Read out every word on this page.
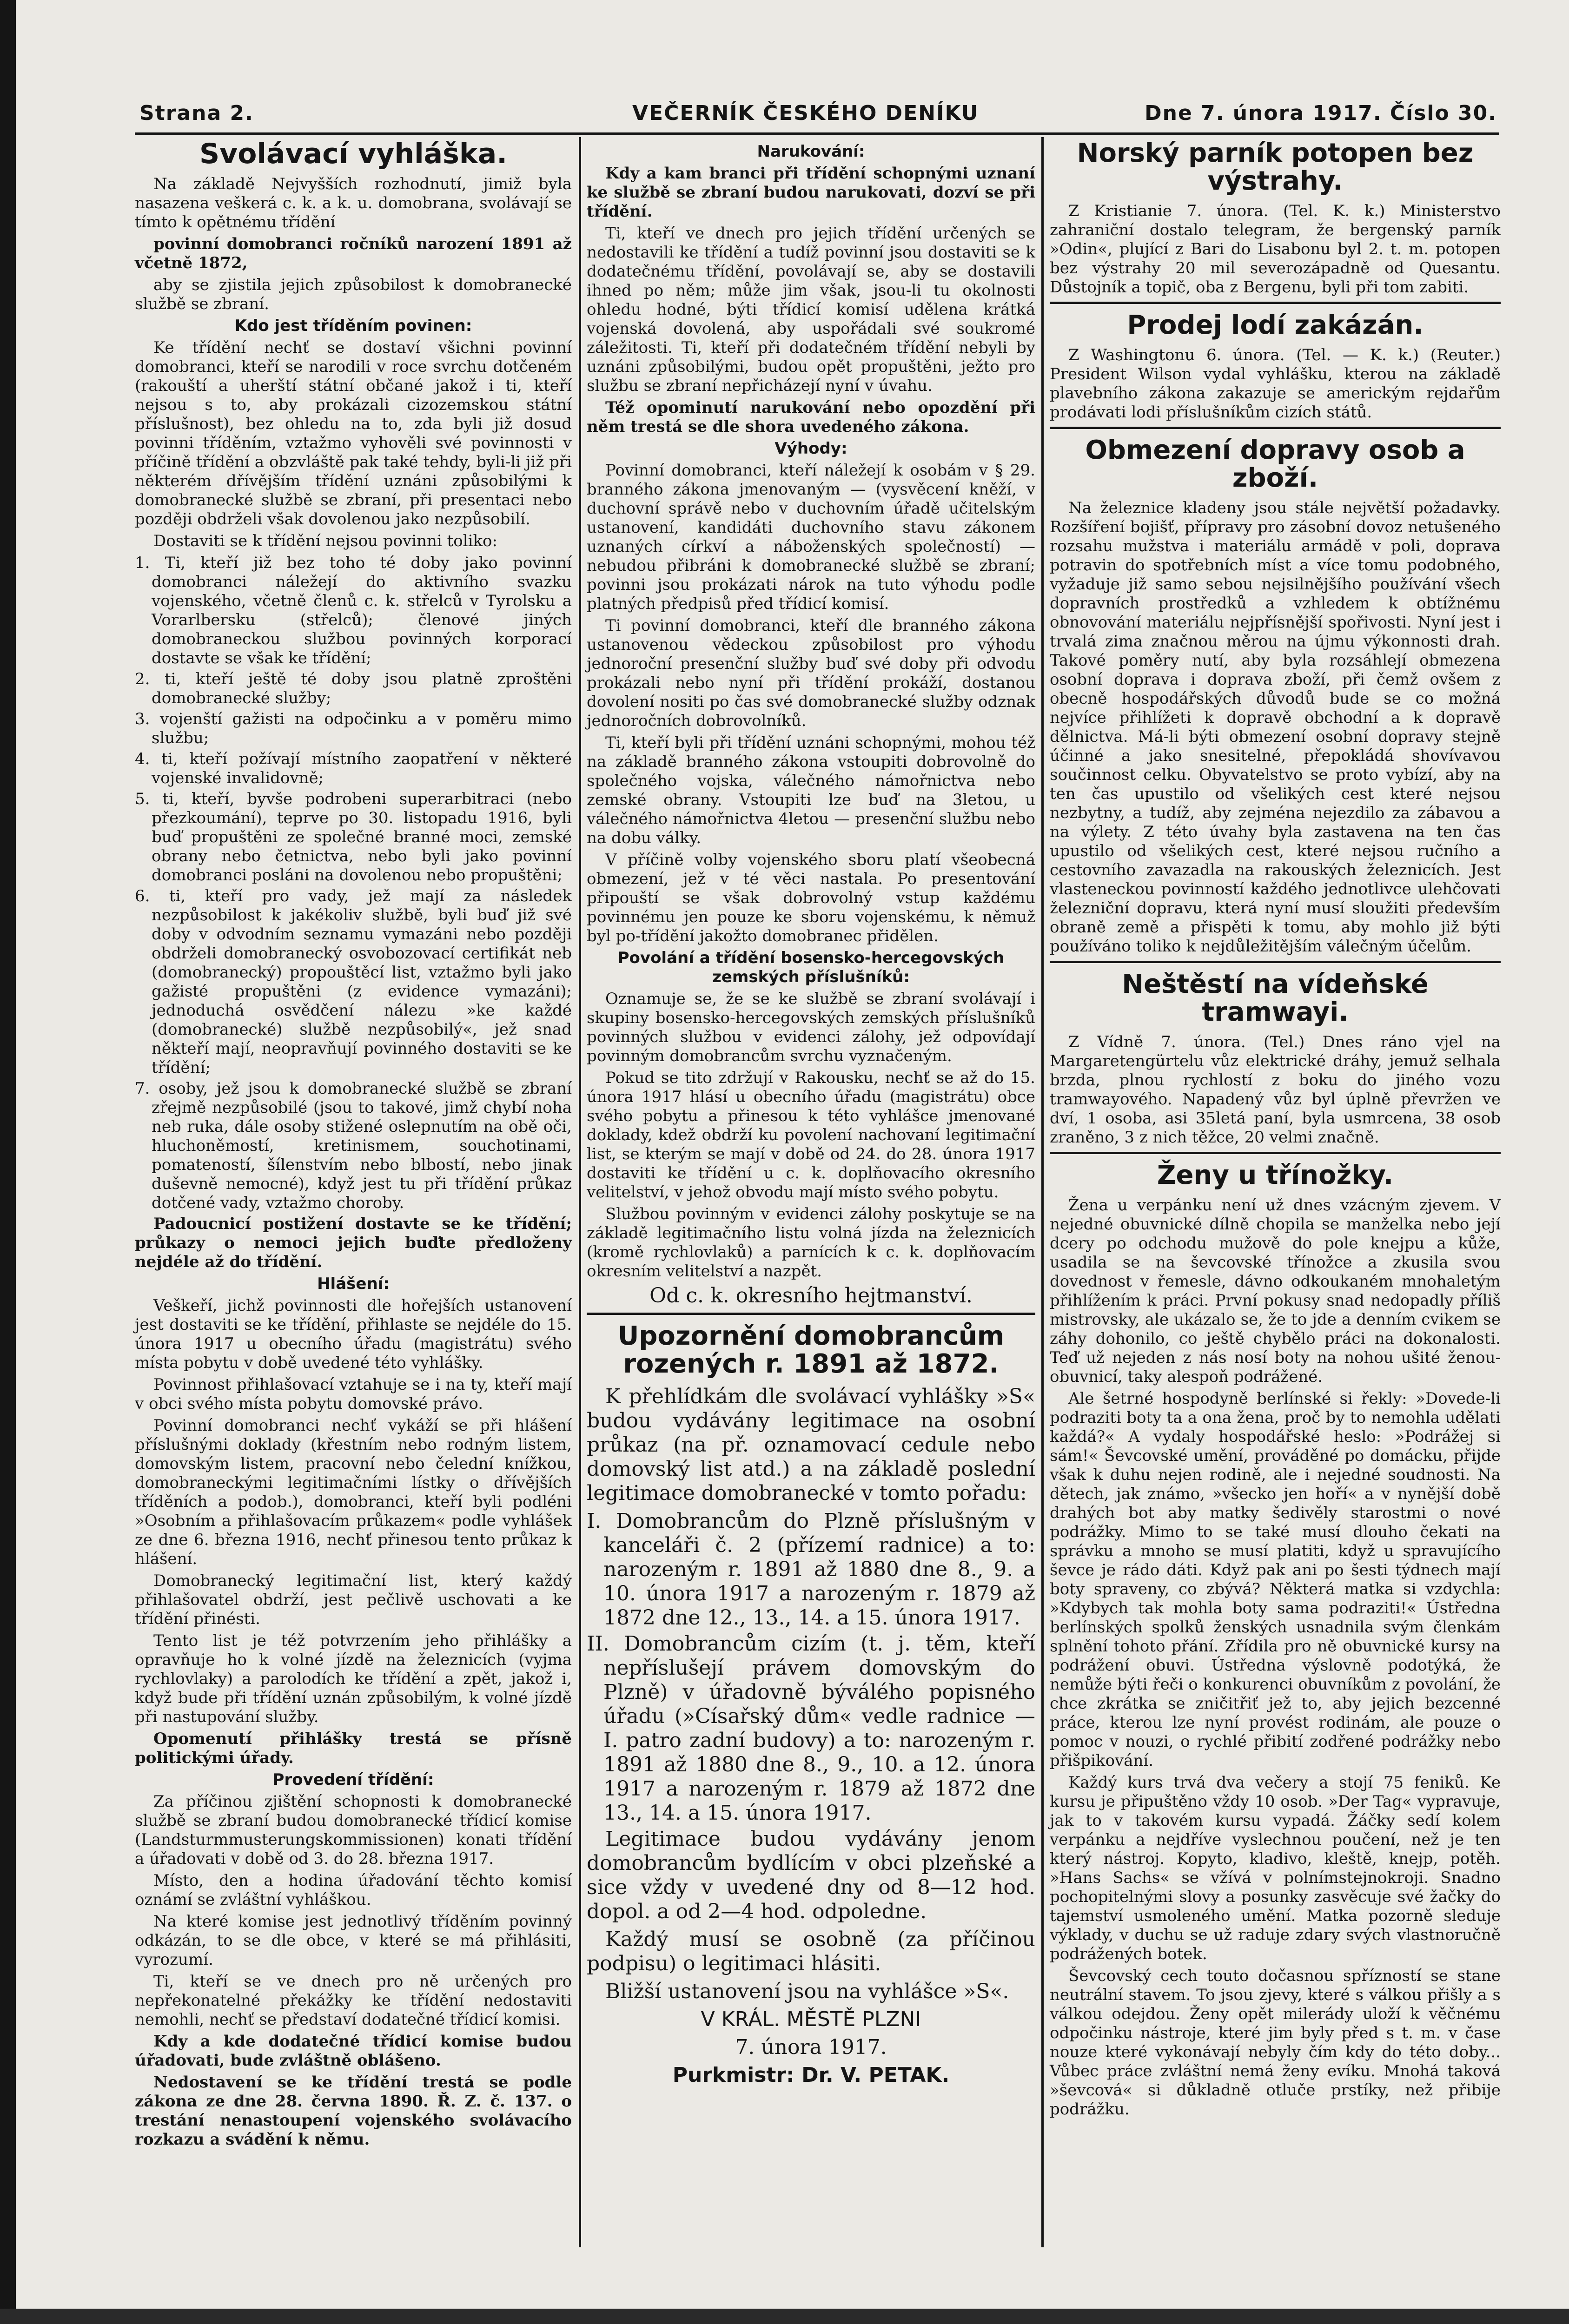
Strana 2.	VEČERNÍK ČESKÉHO DENÍKU	Dne 7. února 1917. Číslo 30.
Svolávací vyhláška.

Na základě Nejvyšších rozhodnutí, jimiž byla nasazena veškerá c. k. a k. u. domobrana, svolávají se tímto k opětnému třídění

povinní domobranci ročníků narození 1891 až včetně 1872,

aby se zjistila jejich způsobilost k domobranecké službě se zbraní.

Kdo jest tříděním povinen:

Ke třídění nechť se dostaví všichni povinní domobranci, kteří se narodili v roce svrchu dotčeném (rakouští a uherští státní občané jakož i ti, kteří nejsou s to, aby prokázali cizozemskou státní příslušnost), bez ohledu na to, zda byli již dosud povinni tříděním, vztažmo vyhověli své povinnosti v příčině třídění a obzvláště pak také tehdy, byli-li již při některém dřívějším třídění uznáni způsobilými k domobranecké službě se zbraní, při presentaci nebo později obdrželi však dovolenou jako nezpůsobilí.

Dostaviti se k třídění nejsou povinni toliko:

1. Ti, kteří již bez toho té doby jako povinní domobranci náležejí do aktivního svazku vojenského, včetně členů c. k. střelců v Tyrolsku a Vorarlbersku (střelců); členové jiných domobraneckou službou povinných korporací dostavte se však ke třídění;

2. ti, kteří ještě té doby jsou platně zproštěni domobranecké služby;

3. vojenští gažisti na odpočinku a v poměru mimo službu;

4. ti, kteří požívají místního zaopatření v některé vojenské invalidovně;

5. ti, kteří, byvše podrobeni superarbitraci (nebo přezkoumání), teprve po 30. listopadu 1916, byli buď propuštěni ze společné branné moci, zemské obrany nebo četnictva, nebo byli jako povinní domobranci posláni na dovolenou nebo propuštěni;

6. ti, kteří pro vady, jež mají za následek nezpůsobilost k jakékoliv službě, byli buď již své doby v odvodním seznamu vymazáni nebo později obdrželi domobranecký osvobozovací certifikát neb (domobranecký) propouštěcí list, vztažmo byli jako gažisté propuštěni (z evidence vymazáni); jednoduchá osvědčení nálezu »ke každé (domobranecké) službě nezpůsobilý«, jež snad někteří mají, neopravňují povinného dostaviti se ke třídění;

7. osoby, jež jsou k domobranecké službě se zbraní zřejmě nezpůsobilé (jsou to takové, jimž chybí noha neb ruka, dále osoby stižené oslepnutím na obě oči, hluchoněmostí, kretinismem, souchotinami, pomateností, šílenstvím nebo blbostí, nebo jinak duševně nemocné), když jest tu při třídění průkaz dotčené vady, vztažmo choroby.

Padoucnicí postižení dostavte se ke třídění; průkazy o nemoci jejich buďte předloženy nejdéle až do třídění.

Hlášení:

Veškeří, jichž povinnosti dle hořejších ustanovení jest dostaviti se ke třídění, přihlaste se nejdéle do 15. února 1917 u obecního úřadu (magistrátu) svého místa pobytu v době uvedené této vyhlášky.

Povinnost přihlašovací vztahuje se i na ty, kteří mají v obci svého místa pobytu domovské právo.

Povinní domobranci nechť vykáží se při hlášení příslušnými doklady (křestním nebo rodným listem, domovským listem, pracovní nebo čelední knížkou, domobraneckými legitimačními lístky o dřívějších tříděních a podob.), domobranci, kteří byli podléni »Osobním a přihlašovacím průkazem« podle vyhlášek ze dne 6. března 1916, nechť přinesou tento průkaz k hlášení.

Domobranecký legitimační list, který každý přihlašovatel obdrží, jest pečlivě uschovati a ke třídění přinésti.

Tento list je též potvrzením jeho přihlášky a opravňuje ho k volné jízdě na železnicích (vyjma rychlovlaky) a parolodích ke třídění a zpět, jakož i, když bude při třídění uznán způsobilým, k volné jízdě při nastupování služby.

Opomenutí přihlášky trestá se přísně politickými úřady.

Provedení třídění:

Za příčinou zjištění schopnosti k domobranecké službě se zbraní budou domobranecké třídicí komise (Landsturmmusterungskommissionen) konati třídění a úřadovati v době od 3. do 28. března 1917.

Místo, den a hodina úřadování těchto komisí oznámí se zvláštní vyhláškou.

Na které komise jest jednotlivý tříděním povinný odkázán, to se dle obce, v které se má přihlásiti, vyrozumí.

Ti, kteří se ve dnech pro ně určených pro nepřekonatelné překážky ke třídění nedostaviti nemohli, nechť se představí dodatečné třídicí komisi.

Kdy a kde dodatečné třídicí komise budou úřadovati, bude zvláštně oblášeno.

Nedostavení se ke třídění trestá se podle zákona ze dne 28. června 1890. Ř. Z. č. 137. o trestání nenastoupení vojenského svolávacího rozkazu a svádění k němu.

Narukování:

Kdy a kam branci při třídění schopnými uznaní ke službě se zbraní budou narukovati, dozví se při třídění.

Ti, kteří ve dnech pro jejich třídění určených se nedostavili ke třídění a tudíž povinní jsou dostaviti se k dodatečnému třídění, povolávají se, aby se dostavili ihned po něm; může jim však, jsou-li tu okolnosti ohledu hodné, býti třídicí komisí udělena krátká vojenská dovolená, aby uspořádali své soukromé záležitosti. Ti, kteří při dodatečném třídění nebyli by uznáni způsobilými, budou opět propuštěni, ježto pro službu se zbraní nepřicházejí nyní v úvahu.

Též opominutí narukování nebo opozdění při něm trestá se dle shora uvedeného zákona.

Výhody:

Povinní domobranci, kteří náležejí k osobám v § 29. branného zákona jmenovaným — (vysvěcení kněží, v duchovní správě nebo v duchovním úřadě učitelským ustanovení, kandidáti duchovního stavu zákonem uznaných církví a náboženských společností) — nebudou přibráni k domobranecké službě se zbraní; povinni jsou prokázati nárok na tuto výhodu podle platných předpisů před třídicí komisí.

Ti povinní domobranci, kteří dle branného zákona ustanovenou vědeckou způsobilost pro výhodu jednoroční presenční služby buď své doby při odvodu prokázali nebo nyní při třídění prokáží, dostanou dovolení nositi po čas své domobranecké služby odznak jednoročních dobrovolníků.

Ti, kteří byli při třídění uznáni schopnými, mohou též na základě branného zákona vstoupiti dobrovolně do společného vojska, válečného námořnictva nebo zemské obrany. Vstoupiti lze buď na 3letou, u válečného námořnictva 4letou — presenční službu nebo na dobu války.

V příčině volby vojenského sboru platí všeobecná obmezení, jež v té věci nastala. Po presentování připouští se však dobrovolný vstup každému povinnému jen pouze ke sboru vojenskému, k němuž byl po-třídění jakožto domobranec přidělen.

Povolání a třídění bosensko-hercegovských zemských příslušníků:

Oznamuje se, že se ke službě se zbraní svolávají i skupiny bosensko-hercegovských zemských příslušníků povinných službou v evidenci zálohy, jež odpovídají povinným domobrancům svrchu vyznačeným.

Pokud se tito zdržují v Rakousku, nechť se až do 15. února 1917 hlásí u obecního úřadu (magistrátu) obce svého pobytu a přinesou k této vyhlášce jmenované doklady, kdež obdrží ku povolení nachovaní legitimační list, se kterým se mají v době od 24. do 28. února 1917 dostaviti ke třídění u c. k. doplňovacího okresního velitelství, v jehož obvodu mají místo svého pobytu.

Službou povinným v evidenci zálohy poskytuje se na základě legitimačního listu volná jízda na železnicích (kromě rychlovlaků) a parnících k c. k. doplňovacím okresním velitelství a nazpět.

Od c. k. okresního hejtmanství.

Upozornění domobrancům rozených r. 1891 až 1872.

K přehlídkám dle svolávací vyhlášky »S« budou vydávány legitimace na osobní průkaz (na př. oznamovací cedule nebo domovský list atd.) a na základě poslední legitimace domobranecké v tomto pořadu:

I. Domobrancům do Plzně příslušným v kanceláři č. 2 (přízemí radnice) a to: narozeným r. 1891 až 1880 dne 8., 9. a 10. února 1917 a narozeným r. 1879 až 1872 dne 12., 13., 14. a 15. února 1917.

II. Domobrancům cizím (t. j. těm, kteří nepříslušejí právem domovským do Plzně) v úřadovně býválého popisného úřadu (»Císařský dům« vedle radnice — I. patro zadní budovy) a to: narozeným r. 1891 až 1880 dne 8., 9., 10. a 12. února 1917 a narozeným r. 1879 až 1872 dne 13., 14. a 15. února 1917.

Legitimace budou vydávány jenom domobrancům bydlícím v obci plzeňské a sice vždy v uvedené dny od 8—12 hod. dopol. a od 2—4 hod. odpoledne.

Každý musí se osobně (za příčinou podpisu) o legitimaci hlásiti.

Bližší ustanovení jsou na vyhlášce »S«.

V KRÁL. MĚSTĚ PLZNI

7. února 1917.

Purkmistr: Dr. V. PETAK.

Norský parník potopen bez výstrahy.

Z Kristianie 7. února. (Tel. K. k.) Ministerstvo zahraniční dostalo telegram, že bergenský parník »Odin«, plující z Bari do Lisabonu byl 2. t. m. potopen bez výstrahy 20 mil severozápadně od Quesantu. Důstojník a topič, oba z Bergenu, byli při tom zabiti.

Prodej lodí zakázán.

Z Washingtonu 6. února. (Tel. — K. k.) (Reuter.) President Wilson vydal vyhlášku, kterou na základě plavebního zákona zakazuje se americkým rejdařům prodávati lodi příslušníkům cizích států.

Obmezení dopravy osob a zboží.

Na železnice kladeny jsou stále největší požadavky. Rozšíření bojišť, přípravy pro zásobní dovoz netušeného rozsahu mužstva i materiálu armádě v poli, doprava potravin do spotřebních míst a více tomu podobného, vyžaduje již samo sebou nejsilnějšího používání všech dopravních prostředků a vzhledem k obtížnému obnovování materiálu nejpřísnější spořivosti. Nyní jest i trvalá zima značnou měrou na újmu výkonnosti drah. Takové poměry nutí, aby byla rozsáhlejí obmezena osobní doprava i doprava zboží, při čemž ovšem z obecně hospodářských důvodů bude se co možná nejvíce přihlížeti k dopravě obchodní a k dopravě dělnictva. Má-li býti obmezení osobní dopravy stejně účinné a jako snesitelné, přepokládá shovívavou součinnost celku. Obyvatelstvo se proto vybízí, aby na ten čas upustilo od všelikých cest které nejsou nezbytny, a tudíž, aby zejména nejezdilo za zábavou a na výlety. Z této úvahy byla zastavena na ten čas upustilo od všelikých cest, které nejsou ručního a cestovního zavazadla na rakouských železnicích. Jest vlasteneckou povinností každého jednotlivce ulehčovati železniční dopravu, která nyní musí sloužiti především obraně země a přispěti k tomu, aby mohlo již býti používáno toliko k nejdůležitějším válečným účelům.

Neštěstí na vídeňské tramwayi.

Z Vídně 7. února. (Tel.) Dnes ráno vjel na Margaretengürtelu vůz elektrické dráhy, jemuž selhala brzda, plnou rychlostí z boku do jiného vozu tramwayového. Napadený vůz byl úplně převržen ve dví, 1 osoba, asi 35letá paní, byla usmrcena, 38 osob zraněno, 3 z nich těžce, 20 velmi značně.

Ženy u třínožky.

Žena u verpánku není už dnes vzácným zjevem. V nejedné obuvnické dílně chopila se manželka nebo její dcery po odchodu mužově do pole knejpu a kůže, usadila se na ševcovské třínožce a zkusila svou dovednost v řemesle, dávno odkoukaném mnohaletým přihlížením k práci. První pokusy snad nedopadly příliš mistrovsky, ale ukázalo se, že to jde a denním cvikem se záhy dohonilo, co ještě chybělo práci na dokonalosti. Teď už nejeden z nás nosí boty na nohou ušité ženou-obuvnicí, taky alespoň podrážené.

Ale šetrné hospodyně berlínské si řekly: »Dovede-li podraziti boty ta a ona žena, proč by to nemohla udělati každá?« A vydaly hospodářské heslo: »Podrážej si sám!« Ševcovské umění, prováděné po domácku, přijde však k duhu nejen rodině, ale i nejedné soudnosti. Na dětech, jak známo, »všecko jen hoří« a v nynější době drahých bot aby matky šedivěly starostmi o nové podrážky. Mimo to se také musí dlouho čekati na správku a mnoho se musí platiti, když u spravujícího ševce je rádo dáti. Když pak ani po šesti týdnech mají boty spraveny, co zbývá? Některá matka si vzdychla: »Kdybych tak mohla boty sama podraziti!« Ústředna berlínských spolků ženských usnadnila svým členkám splnění tohoto přání. Zřídila pro ně obuvnické kursy na podrážení obuvi. Ústředna výslovně podotýká, že nemůže býti řeči o konkurenci obuvníkům z povolání, že chce zkrátka se zničitřiť jež to, aby jejich bezcenné práce, kterou lze nyní provést rodinám, ale pouze o pomoc v nouzi, o rychlé přibití zodřené podrážky nebo přišpikování.

Každý kurs trvá dva večery a stojí 75 feniků. Ke kursu je připuštěno vždy 10 osob. »Der Tag« vypravuje, jak to v takovém kursu vypadá. Žáčky sedí kolem verpánku a nejdříve vyslechnou poučení, než je ten který nástroj. Kopyto, kladivo, kleště, knejp, potěh. »Hans Sachs« se vžívá v polnímstejnokroji. Snadno pochopitelnými slovy a posunky zasvěcuje své žačky do tajemství usmoleného umění. Matka pozorně sleduje výklady, v duchu se už raduje zdary svých vlastnoručně podrážených botek.

Ševcovský cech touto dočasnou spřízností se stane neutrální stavem. To jsou zjevy, které s válkou přišly a s válkou odejdou. Ženy opět milerády uloží k věčnému odpočinku nástroje, které jim byly před s t. m. v čase nouze které vykonávají nebyly čím kdy do této doby... Vůbec práce zvláštní nemá ženy evíku. Mnohá taková »ševcová« si důkladně otluče prstíky, než přibije podrážku.
